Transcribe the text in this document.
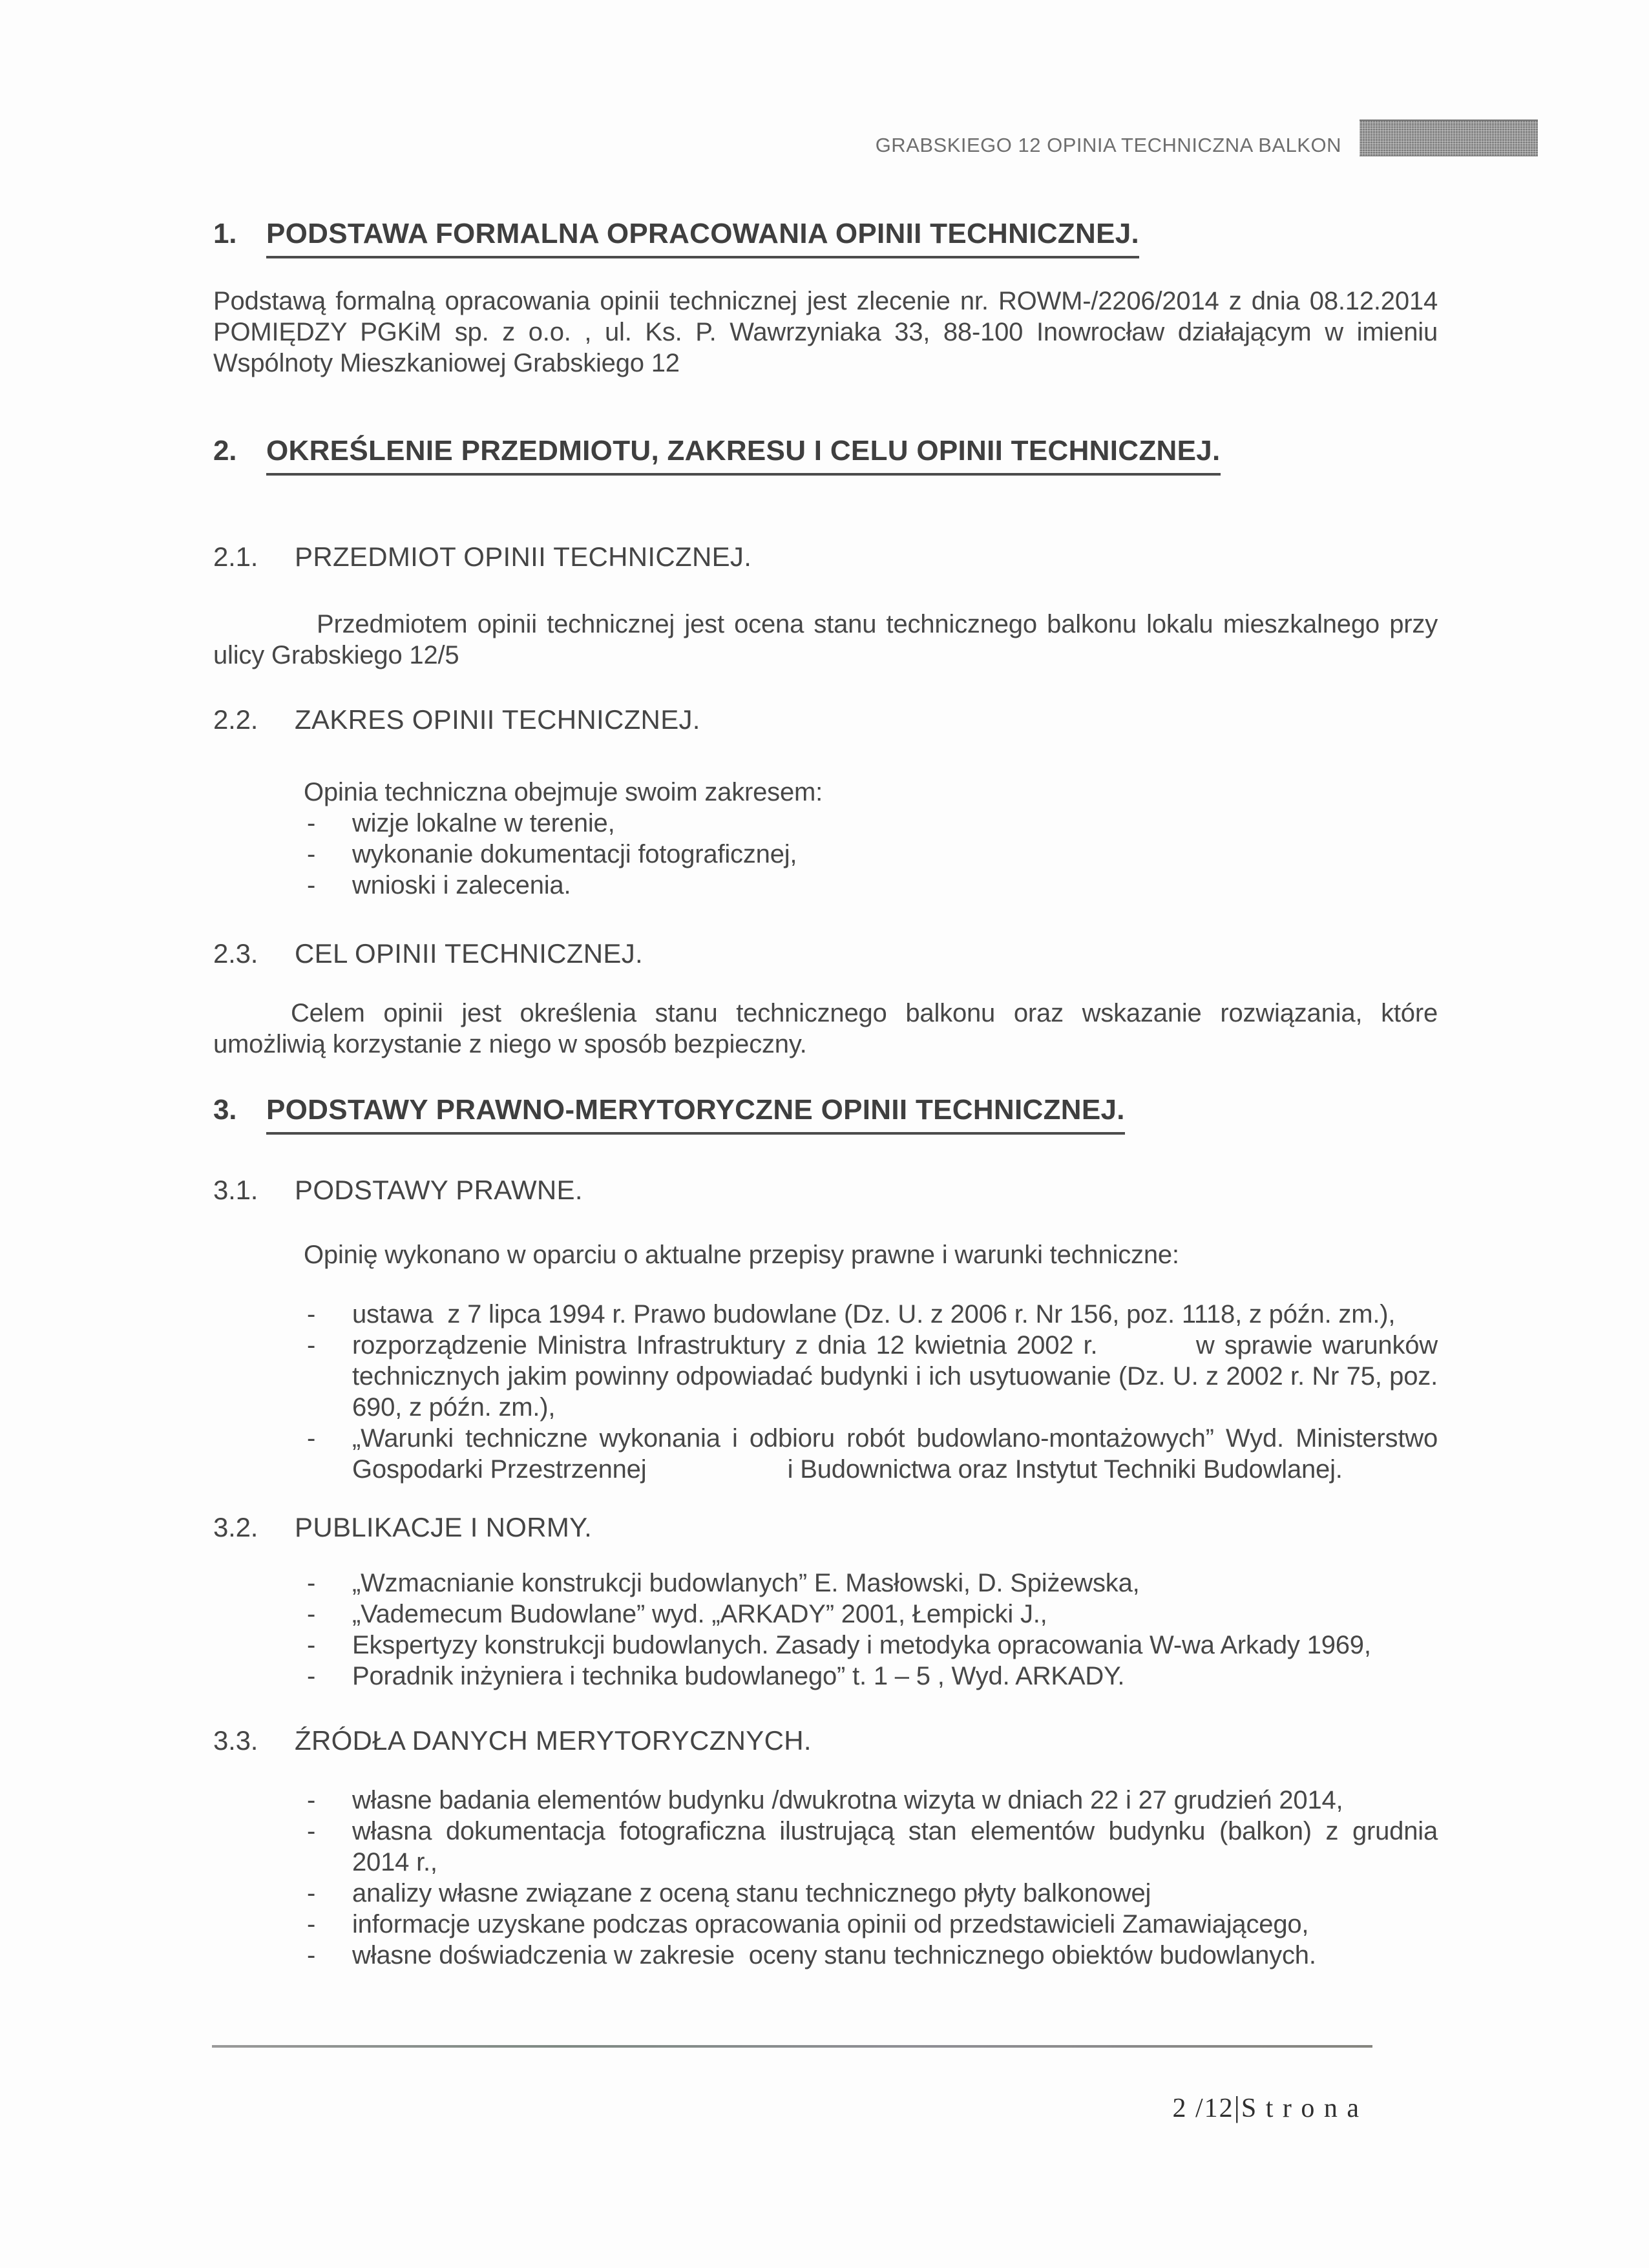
GRABSKIEGO 12 OPINIA TECHNICZNA BALKON
1.	PODSTAWA FORMALNA OPRACOWANIA OPINII TECHNICZNEJ.

Podstawą formalną opracowania opinii technicznej jest zlecenie nr. ROWM-/2206/2014 z dnia 08.12.2014 POMIĘDZY PGKiM sp. z o.o. , ul. Ks. P. Wawrzyniaka 33, 88-100 Inowrocław działającym w imieniu Wspólnoty Mieszkaniowej Grabskiego 12

2.	OKREŚLENIE PRZEDMIOTU, ZAKRESU I CELU OPINII TECHNICZNEJ.
2.1.	PRZEDMIOT OPINII TECHNICZNEJ.

Przedmiotem opinii technicznej jest ocena stanu technicznego balkonu lokalu mieszkalnego przy ulicy Grabskiego 12/5

2.2.	ZAKRES OPINII TECHNICZNEJ.

Opinia techniczna obejmuje swoim zakresem:

-	wizje lokalne w terenie,
-	wykonanie dokumentacji fotograficznej,
-	wnioski i zalecenia.
2.3.	CEL OPINII TECHNICZNEJ.

Celem opinii jest określenia stanu technicznego balkonu oraz wskazanie rozwiązania, które umożliwią korzystanie z niego w sposób bezpieczny.

3.	PODSTAWY PRAWNO-MERYTORYCZNE OPINII TECHNICZNEJ.
3.1.	PODSTAWY PRAWNE.

Opinię wykonano w oparciu o aktualne przepisy prawne i warunki techniczne:

-	ustawa  z 7 lipca 1994 r. Prawo budowlane (Dz. U. z 2006 r. Nr 156, poz. 1118, z późn. zm.),
-	rozporządzenie Ministra Infrastruktury z dnia 12 kwietnia 2002 r.          w sprawie warunków technicznych jakim powinny odpowiadać budynki i ich usytuowanie (Dz. U. z 2002 r. Nr 75, poz. 690, z późn. zm.),
-	„Warunki techniczne wykonania i odbioru robót budowlano-montażowych” Wyd. Ministerstwo Gospodarki Przestrzennej                    i Budownictwa oraz Instytut Techniki Budowlanej.
3.2.	PUBLIKACJE I NORMY.
-	„Wzmacnianie konstrukcji budowlanych” E. Masłowski, D. Spiżewska,
-	„Vademecum Budowlane” wyd. „ARKADY” 2001, Łempicki J.,
-	Ekspertyzy konstrukcji budowlanych. Zasady i metodyka opracowania W-wa Arkady 1969,
-	Poradnik inżyniera i technika budowlanego” t. 1 – 5 , Wyd. ARKADY.
3.3.	ŹRÓDŁA DANYCH MERYTORYCZNYCH.
-	własne badania elementów budynku /dwukrotna wizyta w dniach 22 i 27 grudzień 2014,
-	własna dokumentacja fotograficzna ilustrującą stan elementów budynku (balkon) z grudnia 2014 r.,
-	analizy własne związane z oceną stanu technicznego płyty balkonowej
-	informacje uzyskane podczas opracowania opinii od przedstawicieli Zamawiającego,
-	własne doświadczenia w zakresie  oceny stanu technicznego obiektów budowlanych.

2 /12|S t r o n a
